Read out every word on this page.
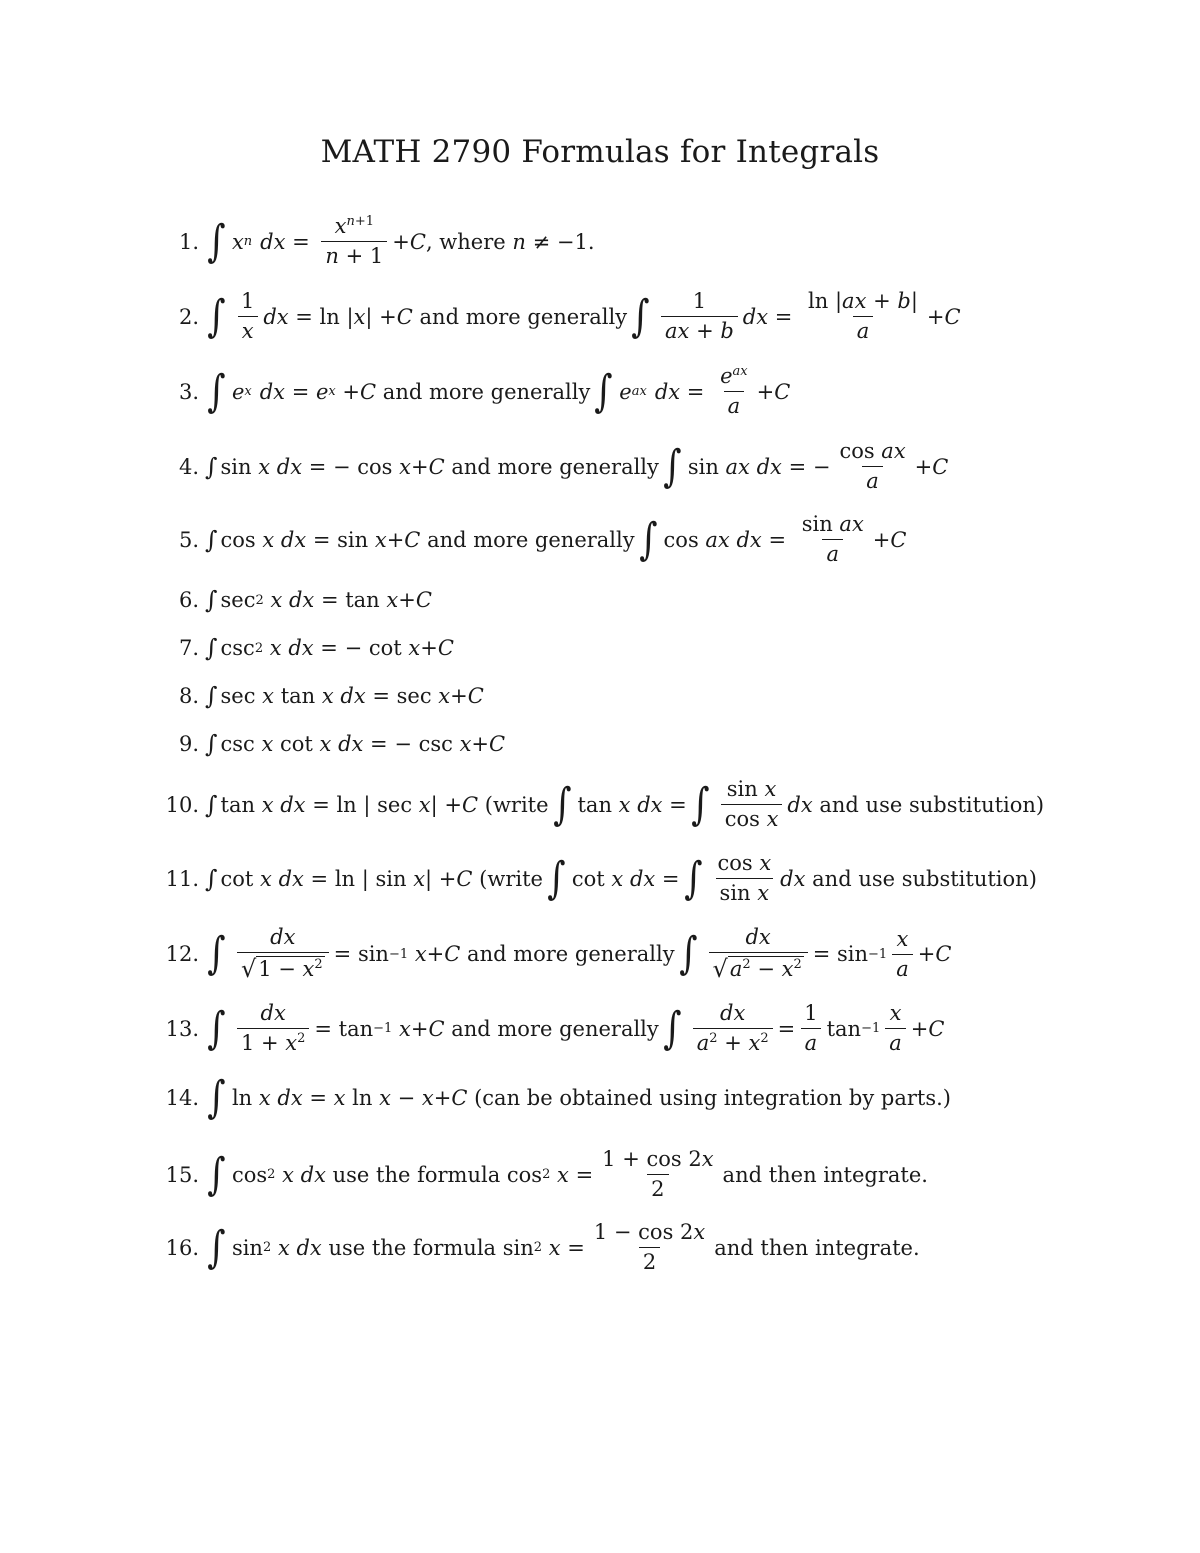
MATH 2790 Formulas for Integrals
1. ∫ x n dx = $\frac{x^{n+1}}{n + 1} + C$ , where
n ≠ −1.
2. ∫ $\frac{1}{x}$ dx = ln | x | + C
and more generally ∫ $\frac{1}{ax + b}$ dx = $\frac{\ln |ax + b|}{a} + C$
3. ∫ e x dx = e x + C
and more generally ∫ e ax dx = $\frac{e^{ax}}{a} + C$
4. ∫ sin x
dx = − cos x + C
and more generally ∫ sin ax
dx = − $\frac{\text{cos ax}}{a} + C$
5. ∫ cos x
dx = sin x + C
and more generally ∫ cos ax
dx = $\frac{\text{sin ax}}{a} + C$
6. ∫ sec 2
x
dx = tan x + C
7. ∫ csc 2
x
dx = − cot x + C
8. ∫ sec x tan x
dx = sec x + C
9. ∫ csc x cot x
dx = − csc x + C
10. ∫ tan x
dx = ln | sec x | + C
(write ∫ tan x
dx = ∫ $\frac{\text{sin x}}{\text{cos x}}$ dx
and use substitution)
11. ∫ cot x
dx = ln | sin x | + C
(write ∫ cot x
dx = ∫ $\frac{\text{cos x}}{\text{sin x}}$ dx
and use substitution)
12. ∫ $\frac{dx}{√ 1 - x^2} = \sin -1$
x + C
and more generally ∫ $\frac{dx}{√ a^2 - x^2} = \sin -1 \frac{x}{a} + C$
13. ∫ $\frac{dx}{1 + x^2} = \tan -1$
x + C
and more generally ∫ $\frac{dx}{a^2 + x^2} = \frac{1}{a}$ $\tan -1 \frac{x}{a} + C$
14. ∫ ln x
dx = x ln x − x + C
(can be obtained using integration by parts.)
15. ∫ cos 2
x
dx
use the formula cos 2
$x = \frac{1 + \cos 2x}{2}$ and then integrate.
16. ∫ sin 2
x
dx
use the formula sin 2
$x = \frac{1 - \cos 2x}{2}$ and then integrate.
